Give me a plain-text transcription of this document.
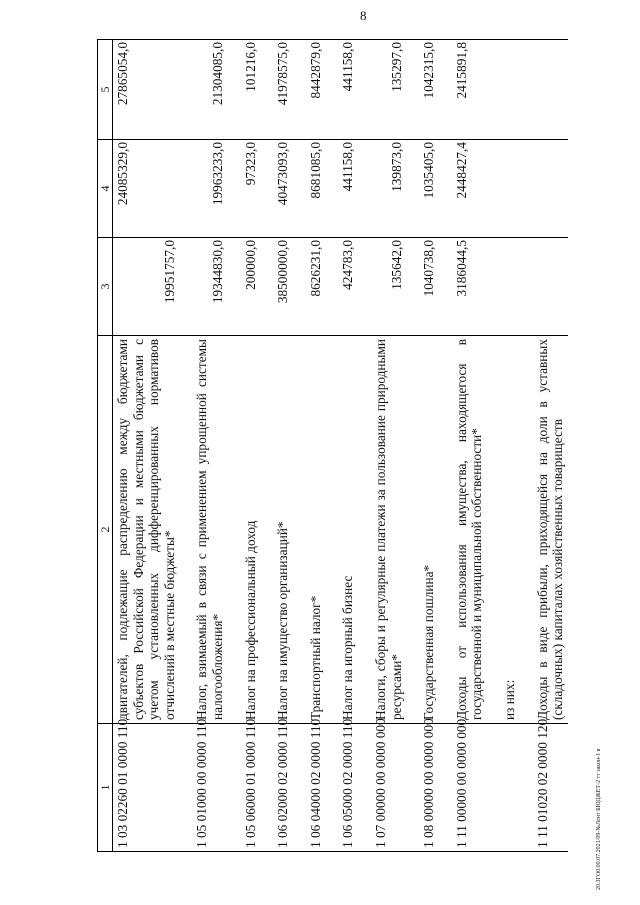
8
20.ЗГО0.00.07.2021/09-№Лент БЮДЖЕТ-2 тт закон-1 в
1	2	3	4	5
1 03 02260 01 0000 110	двигателей, подлежащие распределению между бюджетами субъектов Российской Федерации и местными бюджетами с учетом установленных дифференцированных нормативов отчислений в местные бюджеты*	19951757,0	24085329,0	27865054,0

1 05 01000 00 0000 110	Налог, взимаемый в связи с применением упрощенной системы налогообложения*	19344830,0	19963233,0	21304085,0

1 05 06000 01 0000 110	Налог на профессиональный доход	200000,0	97323,0	101216,0

1 06 02000 02 0000 110	Налог на имущество организаций*	38500000,0	40473093,0	41978575,0

1 06 04000 02 0000 110	Транспортный налог*	8626231,0	8681085,0	8442879,0

1 06 05000 02 0000 110	Налог на игорный бизнес	424783,0	441158,0	441158,0

1 07 00000 00 0000 000	Налоги, сборы и регулярные платежи за пользование природными ресурсами*	135642,0	139873,0	135297,0

1 08 00000 00 0000 000	Государственная пошлина*	1040738,0	1035405,0	1042315,0

1 11 00000 00 0000 000	Доходы от использования имущества, находящегося в государственной и муниципальной собственности*	3186044,5	2448427,4	2415891,8

	из них:			

1 11 01020 02 0000 120	Доходы в виде прибыли, приходящейся на доли в уставных (складочных) капиталах хозяйственных товариществ			
